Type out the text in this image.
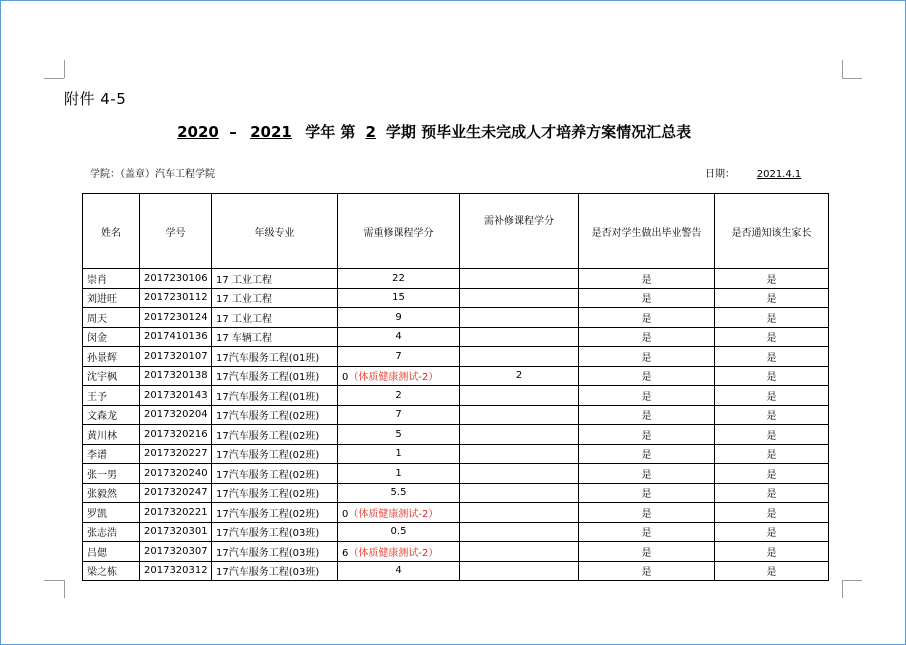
附件 4-5
2020 – 2021 学年 第 2 学期 预毕业生未完成人才培养方案情况汇总表
学院：（盖章）汽车工程学院	日期： 2021.4.1
姓名	学号	年级专业	需重修课程学分	需补修课程学分	是否对学生做出毕业警告	是否通知该生家长
崇肖	2017230106	17 工业工程	22		是	是
刘进旺	2017230112	17 工业工程	15		是	是
周天	2017230124	17 工业工程	9		是	是
闵金	2017410136	17 车辆工程	4		是	是
孙景辉	2017320107	17汽车服务工程(01班)	7		是	是
沈宇枫	2017320138	17汽车服务工程(01班)	0（体质健康测试-2）	2	是	是
王予	2017320143	17汽车服务工程(01班)	2		是	是
文森龙	2017320204	17汽车服务工程(02班)	7		是	是
黄川林	2017320216	17汽车服务工程(02班)	5		是	是
李谱	2017320227	17汽车服务工程(02班)	1		是	是
张一男	2017320240	17汽车服务工程(02班)	1		是	是
张毅然	2017320247	17汽车服务工程(02班)	5.5		是	是
罗凯	2017320221	17汽车服务工程(02班)	0（体质健康测试-2）		是	是
张志浩	2017320301	17汽车服务工程(03班)	0.5		是	是
吕偲	2017320307	17汽车服务工程(03班)	6（体质健康测试-2）		是	是
梁之栋	2017320312	17汽车服务工程(03班)	4		是	是
